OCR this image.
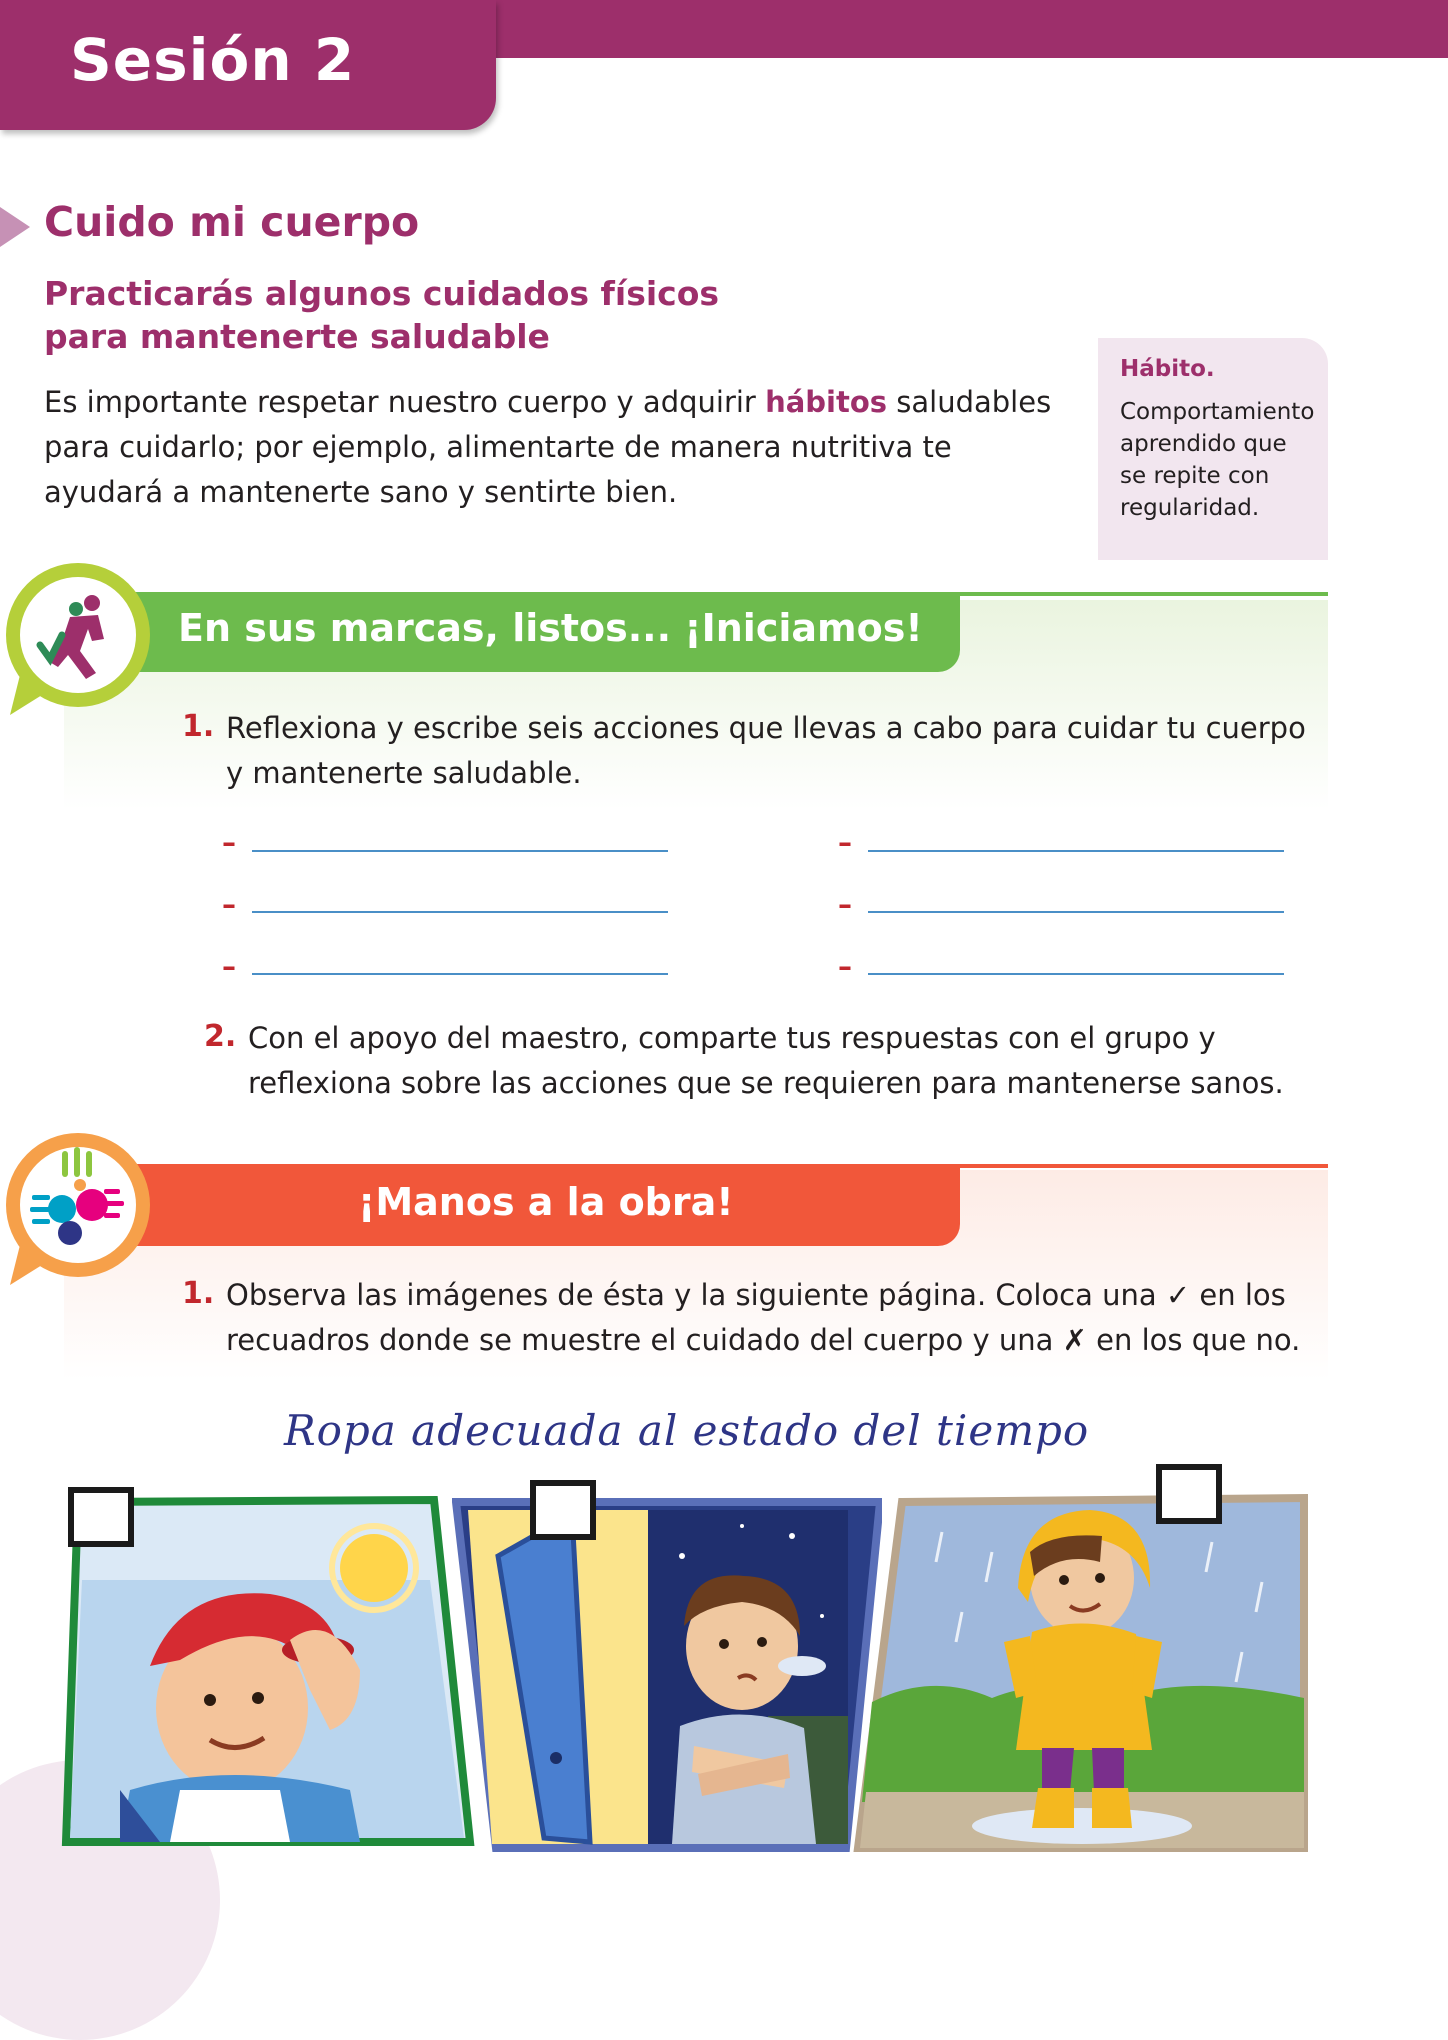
Sesión 2
Cuido mi cuerpo
Practicarás algunos cuidados físicos
para mantenerte saludable
Es importante respetar nuestro cuerpo y adquirir hábitos saludables para cuidarlo; por ejemplo, alimentarte de manera nutritiva te ayudará a mantenerte sano y sentirte bien.
Hábito.
Comportamiento aprendido que se repite con regularidad.
En sus marcas, listos... ¡Iniciamos!
1. Reflexiona y escribe seis acciones que llevas a cabo para cuidar tu cuerpo y mantenerte saludable.
–	–
–	–
–	–
2. Con el apoyo del maestro, comparte tus respuestas con el grupo y reflexiona sobre las acciones que se requieren para mantenerse sanos.
¡Manos a la obra!
1. Observa las imágenes de ésta y la siguiente página. Coloca una ✓ en los recuadros donde se muestre el cuidado del cuerpo y una ✗ en los que no.
Ropa adecuada al estado del tiempo
